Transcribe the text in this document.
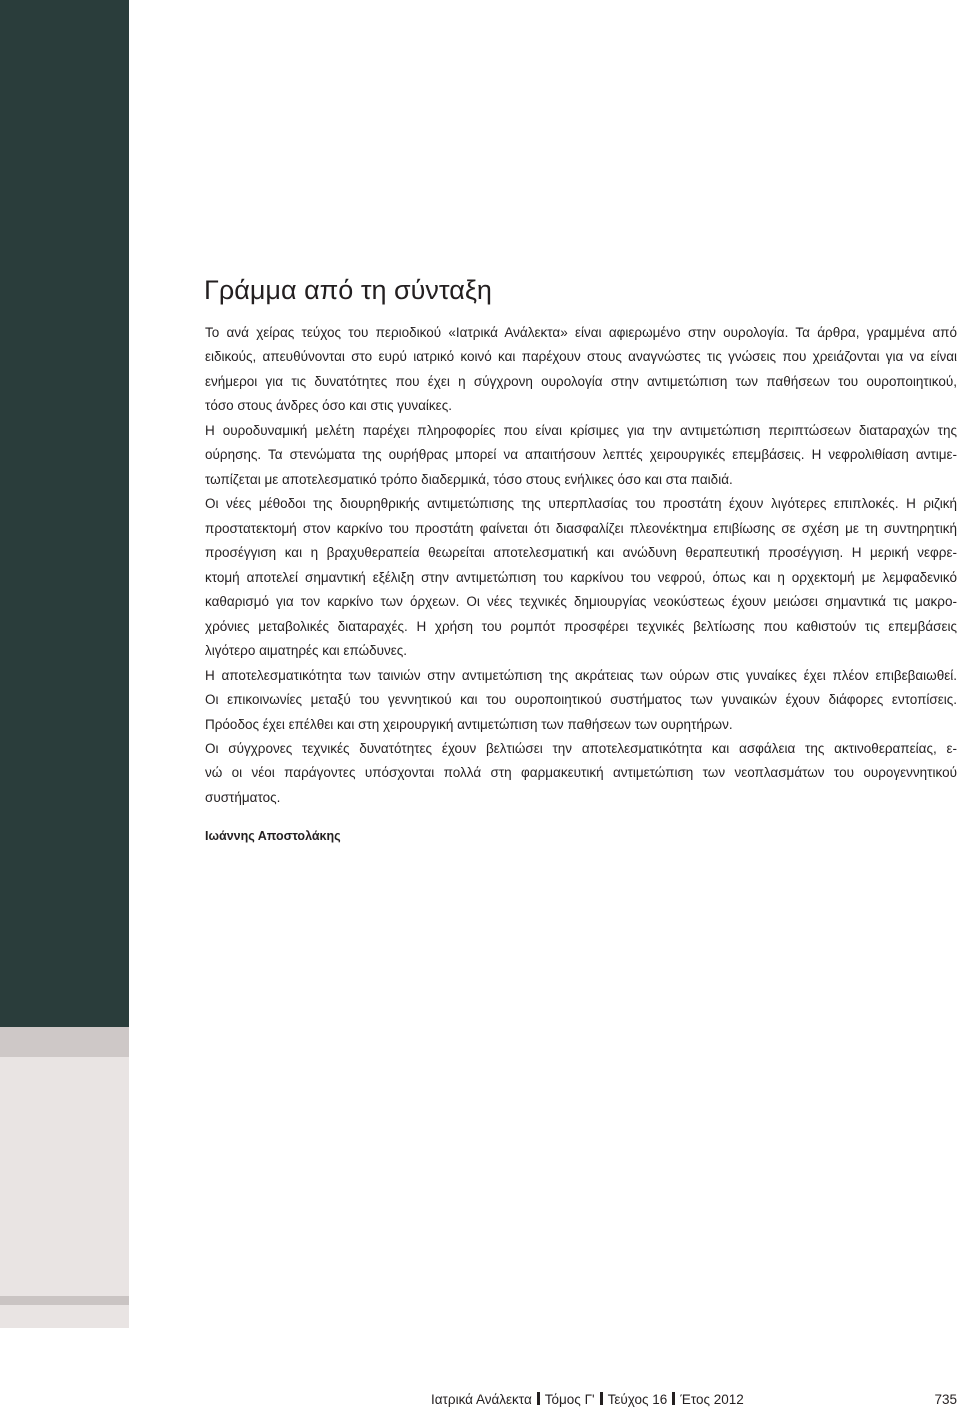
Γράμμα από τη σύνταξη
Το ανά χείρας τεύχος του περιοδικού «Ιατρικά Ανάλεκτα» είναι αφιερωμένο στην ουρολογία. Τα άρθρα, γραμμένα από
ειδικούς, απευθύνονται στο ευρύ ιατρικό κοινό και παρέχουν στους αναγνώστες τις γνώσεις που χρειάζονται για να είναι
ενήμεροι για τις δυνατότητες που έχει η σύγχρονη ουρολογία στην αντιμετώπιση των παθήσεων του ουροποιητικού,
τόσο στους άνδρες όσο και στις γυναίκες.
Η ουροδυναμική μελέτη παρέχει πληροφορίες που είναι κρίσιμες για την αντιμετώπιση περιπτώσεων διαταραχών της
ούρησης. Τα στενώματα της ουρήθρας μπορεί να απαιτήσουν λεπτές χειρουργικές επεμβάσεις. Η νεφρολιθίαση αντιμε-
τωπίζεται με αποτελεσματικό τρόπο διαδερμικά, τόσο στους ενήλικες όσο και στα παιδιά.
Οι νέες μέθοδοι της διουρηθρικής αντιμετώπισης της υπερπλασίας του προστάτη έχουν λιγότερες επιπλοκές. Η ριζική
προστατεκτομή στον καρκίνο του προστάτη φαίνεται ότι διασφαλίζει πλεονέκτημα επιβίωσης σε σχέση με τη συντηρητική
προσέγγιση και η βραχυθεραπεία θεωρείται αποτελεσματική και ανώδυνη θεραπευτική προσέγγιση. Η μερική νεφρε-
κτομή αποτελεί σημαντική εξέλιξη στην αντιμετώπιση του καρκίνου του νεφρού, όπως και η ορχεκτομή με λεμφαδενικό
καθαρισμό για τον καρκίνο των όρχεων. Οι νέες τεχνικές δημιουργίας νεοκύστεως έχουν μειώσει σημαντικά τις μακρο-
χρόνιες μεταβολικές διαταραχές. Η χρήση του ρομπότ προσφέρει τεχνικές βελτίωσης που καθιστούν τις επεμβάσεις
λιγότερο αιματηρές και επώδυνες.
Η αποτελεσματικότητα των ταινιών στην αντιμετώπιση της ακράτειας των ούρων στις γυναίκες έχει πλέον επιβεβαιωθεί.
Οι επικοινωνίες μεταξύ του γεννητικού και του ουροποιητικού συστήματος των γυναικών έχουν διάφορες εντοπίσεις.
Πρόοδος έχει επέλθει και στη χειρουργική αντιμετώπιση των παθήσεων των ουρητήρων.
Οι σύγχρονες τεχνικές δυνατότητες έχουν βελτιώσει την αποτελεσματικότητα και ασφάλεια της ακτινοθεραπείας, ε-
νώ οι νέοι παράγοντες υπόσχονται πολλά στη φαρμακευτική αντιμετώπιση των νεοπλασμάτων του ουρογεννητικού
συστήματος.
Ιωάννης Αποστολάκης
Ιατρικά Ανάλεκτα Τόμος Γ' Τεύχος 16 Έτος 2012	735
